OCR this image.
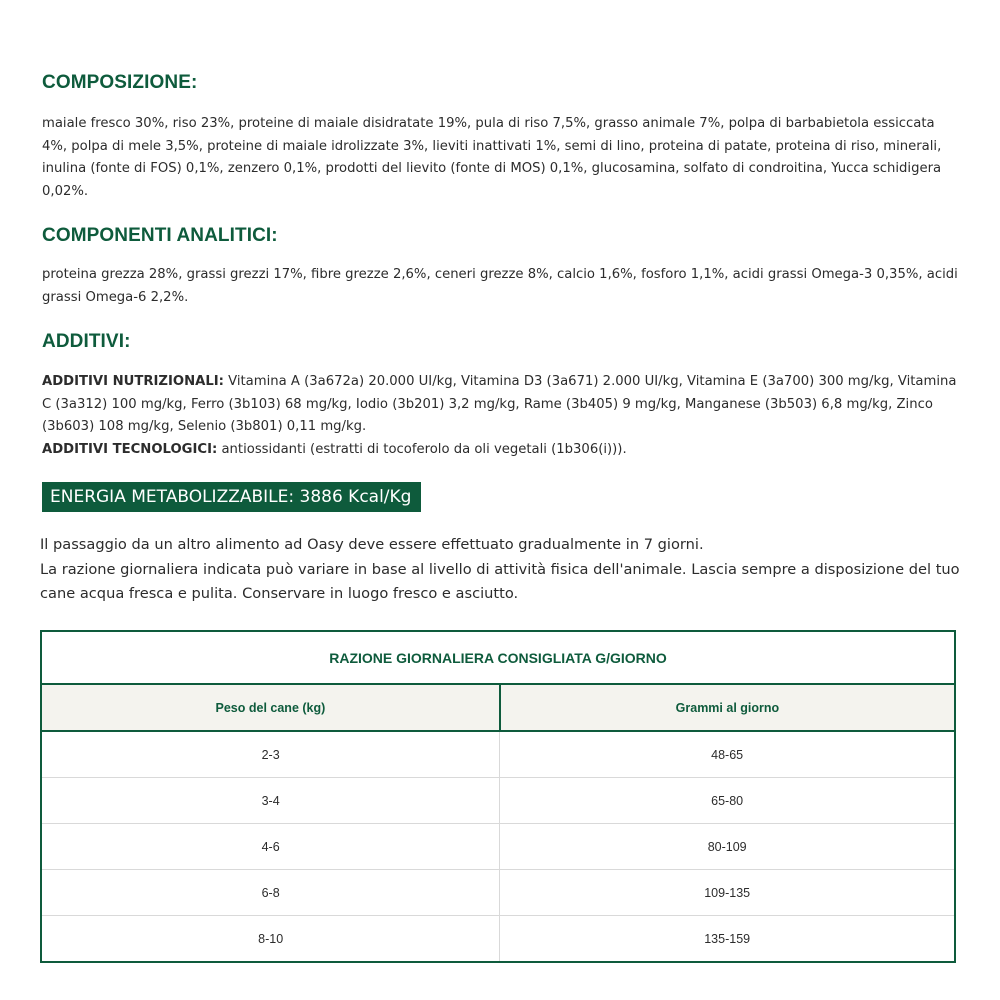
COMPOSIZIONE:

maiale fresco 30%, riso 23%, proteine di maiale disidratate 19%, pula di riso 7,5%, grasso animale 7%, polpa di barbabietola essiccata 4%, polpa di mele 3,5%, proteine di maiale idrolizzate 3%, lieviti inattivati 1%, semi di lino, proteina di patate, proteina di riso, minerali, inulina (fonte di FOS) 0,1%, zenzero 0,1%, prodotti del lievito (fonte di MOS) 0,1%, glucosamina, solfato di condroitina, Yucca schidigera 0,02%.

COMPONENTI ANALITICI:

proteina grezza 28%, grassi grezzi 17%, fibre grezze 2,6%, ceneri grezze 8%, calcio 1,6%, fosforo 1,1%, acidi grassi Omega-3 0,35%, acidi grassi Omega-6 2,2%.

ADDITIVI:

ADDITIVI NUTRIZIONALI: Vitamina A (3a672a) 20.000 UI/kg, Vitamina D3 (3a671) 2.000 UI/kg, Vitamina E (3a700) 300 mg/kg, Vitamina C (3a312) 100 mg/kg, Ferro (3b103) 68 mg/kg, Iodio (3b201) 3,2 mg/kg, Rame (3b405) 9 mg/kg, Manganese (3b503) 6,8 mg/kg, Zinco (3b603) 108 mg/kg, Selenio (3b801) 0,11 mg/kg.
ADDITIVI TECNOLOGICI: antiossidanti (estratti di tocoferolo da oli vegetali (1b306(i))).

ENERGIA METABOLIZZABILE: 3886 Kcal/Kg

Il passaggio da un altro alimento ad Oasy deve essere effettuato gradualmente in 7 giorni.
La razione giornaliera indicata può variare in base al livello di attività fisica dell'animale. Lascia sempre a disposizione del tuo cane acqua fresca e pulita. Conservare in luogo fresco e asciutto.

RAZIONE GIORNALIERA CONSIGLIATA G/GIORNO	
Peso del cane (kg)	Grammi al giorno
2-3	48-65
3-4	65-80
4-6	80-109
6-8	109-135
8-10	135-159
